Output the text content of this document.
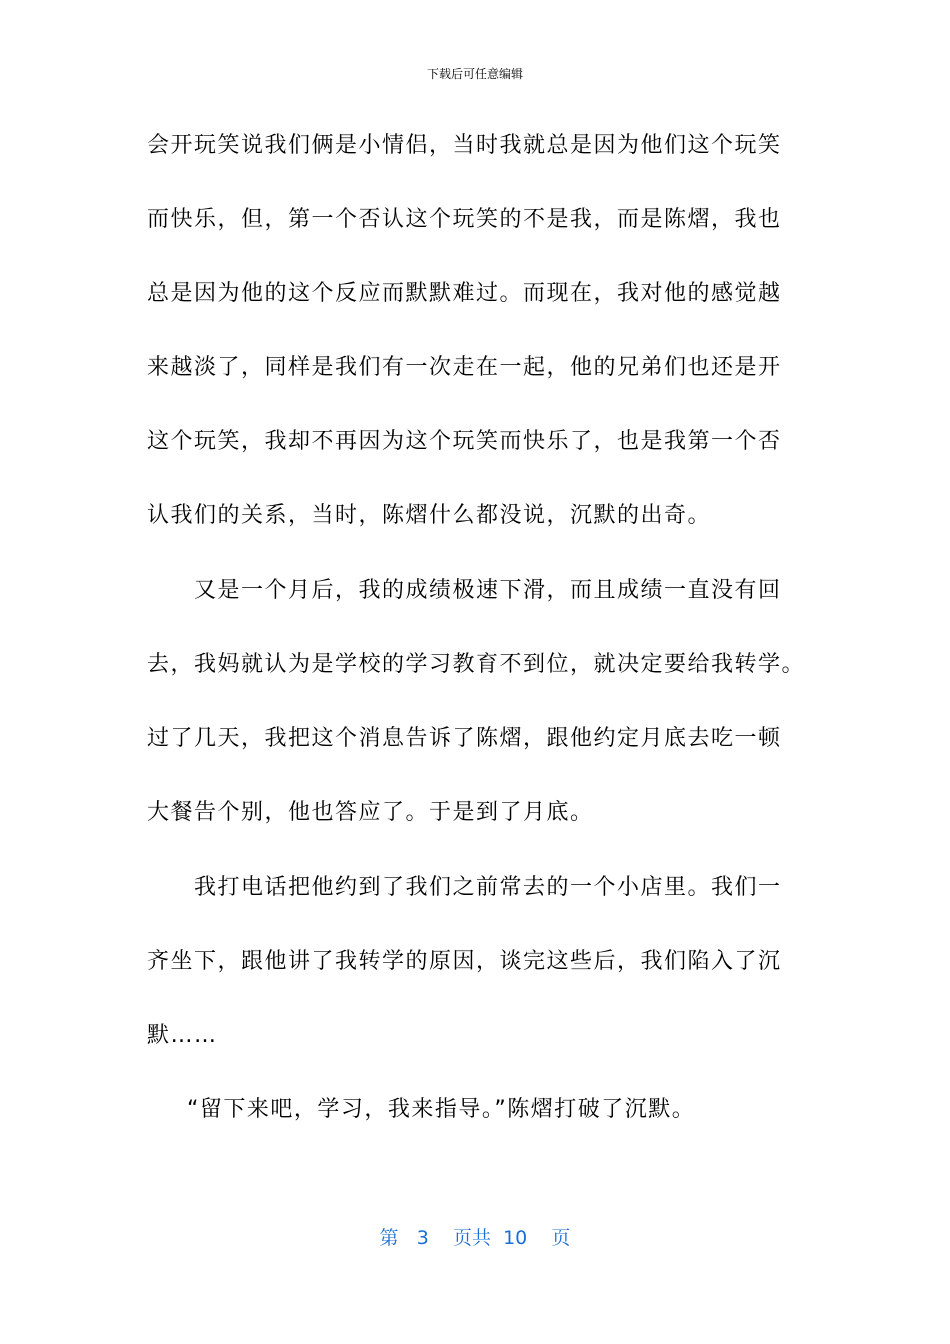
下载后可任意编辑
会开玩笑说我们俩是小情侣，当时我就总是因为他们这个玩笑
而快乐，但，第一个否认这个玩笑的不是我，而是陈熠，我也
总是因为他的这个反应而默默难过。而现在，我对他的感觉越
来越淡了，同样是我们有一次走在一起，他的兄弟们也还是开
这个玩笑，我却不再因为这个玩笑而快乐了，也是我第一个否
认我们的关系，当时，陈熠什么都没说，沉默的出奇。
又是一个月后，我的成绩极速下滑，而且成绩一直没有回
去，我妈就认为是学校的学习教育不到位，就决定要给我转学。
过了几天，我把这个消息告诉了陈熠，跟他约定月底去吃一顿
大餐告个别，他也答应了。于是到了月底。
我打电话把他约到了我们之前常去的一个小店里。我们一
齐坐下，跟他讲了我转学的原因，谈完这些后，我们陷入了沉
默……
“留下来吧，学习，我来指导。”陈熠打破了沉默。
第 3 页共 10 页
